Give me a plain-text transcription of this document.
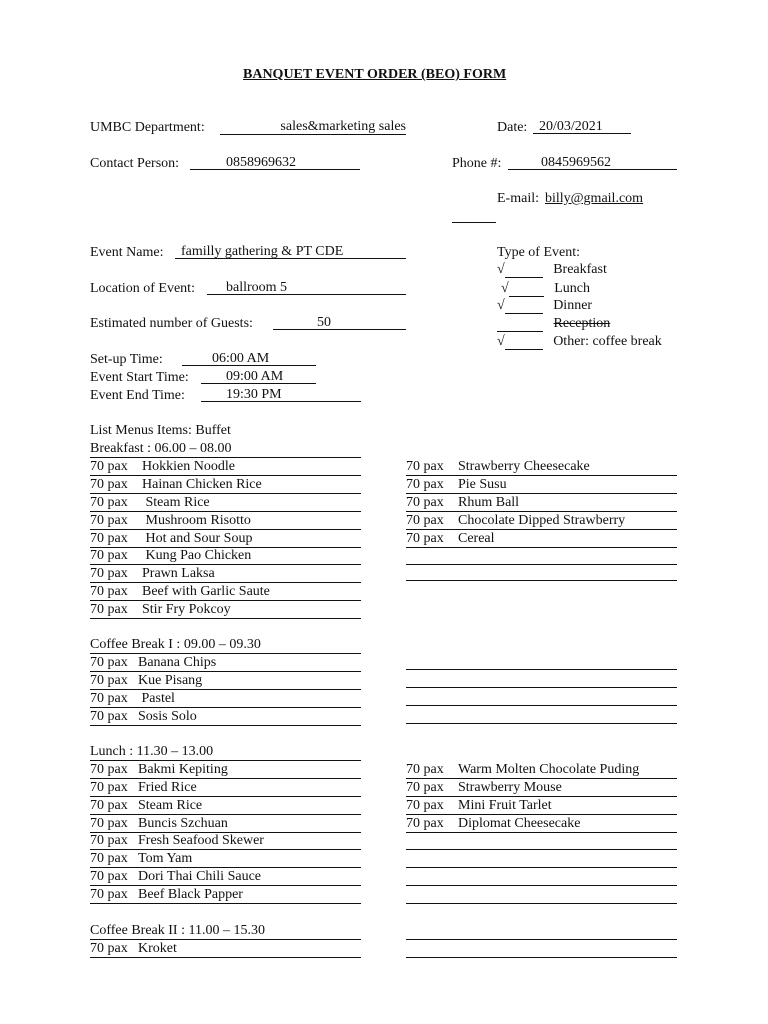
BANQUET EVENT ORDER (BEO) FORM
UMBC Department:	sales&marketing sales	Date: 20/03/2021
Contact Person:	0858969632	Phone #:	0845969562
E-mail: billy@gmail.com
Event Name:	familly gathering & PT CDE
Location of Event:	ballroom 5
Estimated number of Guests:	50
Type of Event:
√	Breakfast
√	Lunch
√	Dinner
Reception
√	Other: coffee break
Set-up Time:	06:00 AM
Event Start Time:	09:00 AM
Event End Time:	19:30 PM
List Menus Items: Buffet
Breakfast : 06.00 – 08.00
70 pax Hokkien Noodle
70 pax Hainan Chicken Rice
70 pax Steam Rice
70 pax Mushroom Risotto
70 pax Hot and Sour Soup
70 pax Kung Pao Chicken
70 pax Prawn Laksa
70 pax Beef with Garlic Saute
70 pax Stir Fry Pokcoy
70 pax Strawberry Cheesecake
70 pax Pie Susu
70 pax Rhum Ball
70 pax Chocolate Dipped Strawberry
70 pax Cereal
Coffee Break I : 09.00 – 09.30
70 pax Banana Chips
70 pax Kue Pisang
70 pax Pastel
70 pax Sosis Solo
Lunch : 11.30 – 13.00
70 pax Bakmi Kepiting
70 pax Fried Rice
70 pax Steam Rice
70 pax Buncis Szchuan
70 pax Fresh Seafood Skewer
70 pax Tom Yam
70 pax Dori Thai Chili Sauce
70 pax Beef Black Papper
70 pax Warm Molten Chocolate Puding
70 pax Strawberry Mouse
70 pax Mini Fruit Tarlet
70 pax Diplomat Cheesecake
Coffee Break II : 11.00 – 15.30
70 pax Kroket
